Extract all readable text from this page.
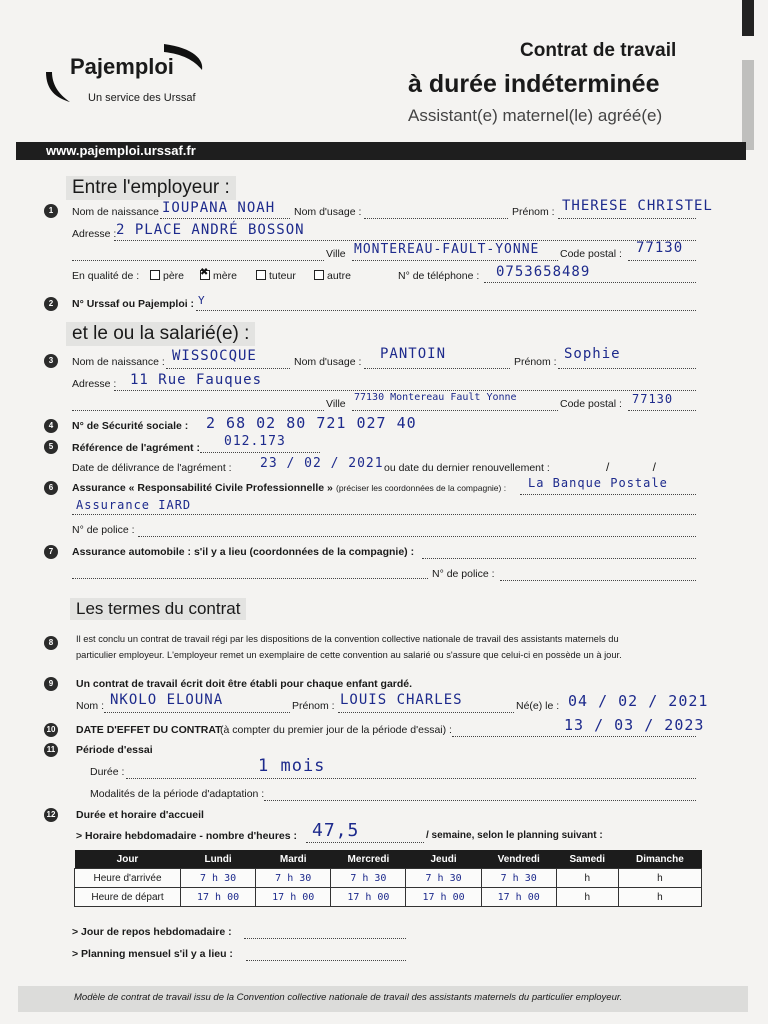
Pajemploi
Un service des Urssaf
Contrat de travail
à durée indéterminée
Assistant(e) maternel(le) agréé(e)
www.pajemploi.urssaf.fr
Entre l'employeur :
1	Nom de naissance IOUPANA NOAH Nom d'usage :	Prénom : THERESE CHRISTEL
Adresse : 2 PLACE ANDRÉ BOSSON
Ville MONTEREAU-FAULT-YONNE Code postal : 77130
En qualité de :	père ✖	mère	tuteur	autre	N° de téléphone : 0753658489
2	N° Urssaf ou Pajemploi : Y
et le ou la salarié(e) :
3	Nom de naissance : WISSOCQUE	Nom d'usage : PANTOIN	Prénom : Sophie
Adresse : 11 Rue Fauques
Ville
77130 Montereau Fault Yonne
Code postal : 77130
4	N° de Sécurité sociale : 2 68 02 80 721 027 40
5	Référence de l'agrément : 012.173
Date de délivrance de l'agrément : 23 / 02 / 2021 ou date du dernier renouvellement :	/ /
6	Assurance « Responsabilité Civile Professionnelle » (préciser les coordonnées de la compagnie) : La Banque Postale
Assurance IARD
N° de police :
7	Assurance automobile : s'il y a lieu (coordonnées de la compagnie) :
N° de police :
Les termes du contrat
8	Il est conclu un contrat de travail régi par les dispositions de la convention collective nationale de travail des assistants maternels du
particulier employeur. L'employeur remet un exemplaire de cette convention au salarié ou s'assure que celui-ci en possède un à jour.
9	Un contrat de travail écrit doit être établi pour chaque enfant gardé.
Nom : NKOLO ELOUNA	Prénom : LOUIS CHARLES	Né(e) le : 04 / 02 / 2021
10 DATE D'EFFET DU CONTRAT
(à compter du premier jour de la période d'essai) :	13 / 03 / 2023
11 Période d'essai
Durée :	1 mois
Modalités de la période d'adaptation :
12 Durée et horaire d'accueil
> Horaire hebdomadaire - nombre d'heures : 47,5	/ semaine, selon le planning suivant :
Jour	Lundi	Mardi	Mercredi	Jeudi	Vendredi	Samedi	Dimanche
Heure d'arrivée	7 h 30	7 h 30	7 h 30	7 h 30	7 h 30	h	h
Heure de départ	17 h 00	17 h 00	17 h 00	17 h 00	17 h 00	h	h
> Jour de repos hebdomadaire :
> Planning mensuel s'il y a lieu :
Modèle de contrat de travail issu de la Convention collective nationale de travail des assistants maternels du particulier employeur.
